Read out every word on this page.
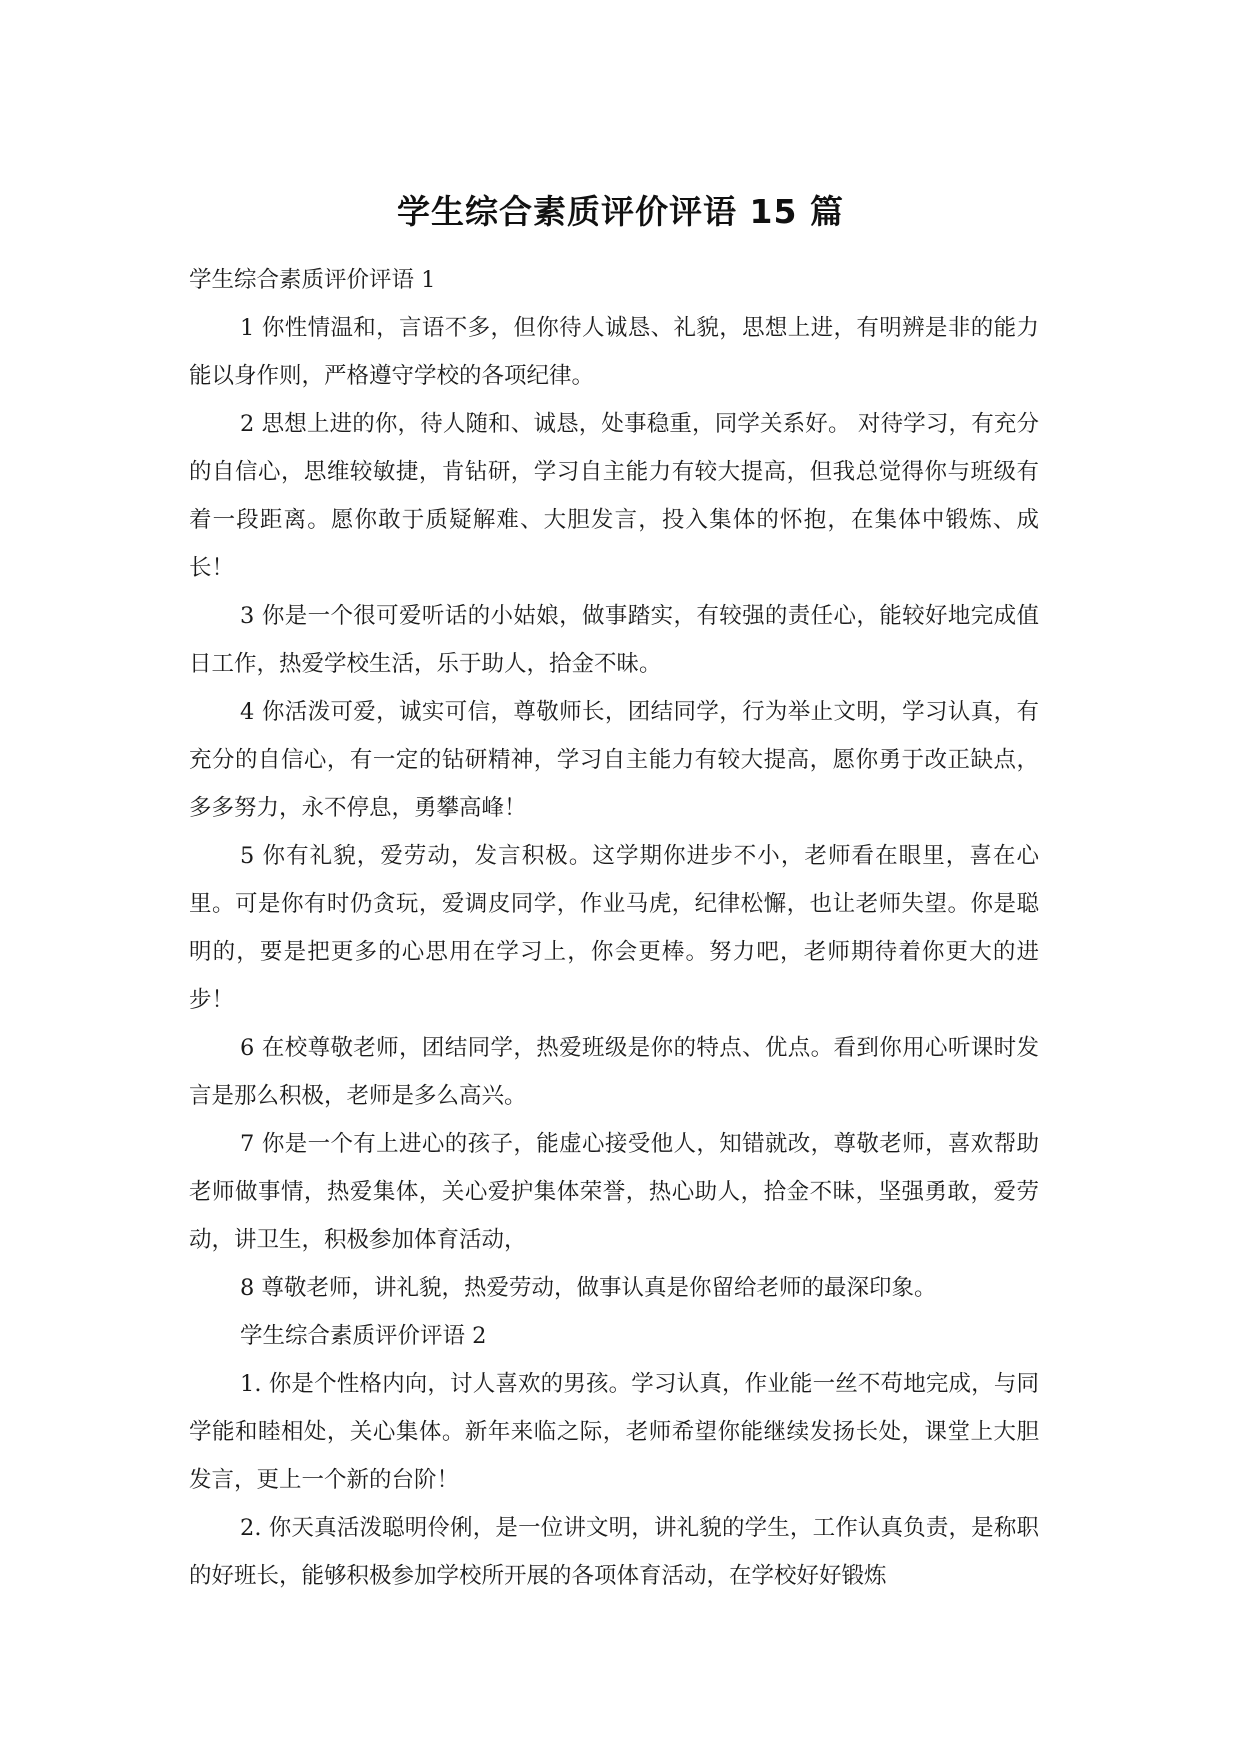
学生综合素质评价评语 15 篇

学生综合素质评价评语 1

1 你性情温和，言语不多，但你待人诚恳、礼貌，思想上进，有明辨是非的能力能以身作则，严格遵守学校的各项纪律。

2 思想上进的你，待人随和、诚恳，处事稳重，同学关系好。 对待学习，有充分的自信心，思维较敏捷，肯钻研，学习自主能力有较大提高，但我总觉得你与班级有着一段距离。愿你敢于质疑解难、大胆发言，投入集体的怀抱，在集体中锻炼、成长！

3 你是一个很可爱听话的小姑娘，做事踏实，有较强的责任心，能较好地完成值日工作，热爱学校生活，乐于助人，拾金不昧。

4 你活泼可爱，诚实可信，尊敬师长，团结同学，行为举止文明，学习认真，有充分的自信心，有一定的钻研精神，学习自主能力有较大提高，愿你勇于改正缺点，多多努力，永不停息，勇攀高峰！

5 你有礼貌，爱劳动，发言积极。这学期你进步不小，老师看在眼里，喜在心里。可是你有时仍贪玩，爱调皮同学，作业马虎，纪律松懈，也让老师失望。你是聪明的，要是把更多的心思用在学习上，你会更棒。努力吧，老师期待着你更大的进步！

6 在校尊敬老师，团结同学，热爱班级是你的特点、优点。看到你用心听课时发言是那么积极，老师是多么高兴。

7 你是一个有上进心的孩子，能虚心接受他人，知错就改，尊敬老师，喜欢帮助老师做事情，热爱集体，关心爱护集体荣誉，热心助人，拾金不昧，坚强勇敢，爱劳动，讲卫生，积极参加体育活动，

8 尊敬老师，讲礼貌，热爱劳动，做事认真是你留给老师的最深印象。

学生综合素质评价评语 2

1. 你是个性格内向，讨人喜欢的男孩。学习认真，作业能一丝不苟地完成，与同学能和睦相处，关心集体。新年来临之际，老师希望你能继续发扬长处，课堂上大胆发言，更上一个新的台阶！

2. 你天真活泼聪明伶俐，是一位讲文明，讲礼貌的学生，工作认真负责，是称职的好班长，能够积极参加学校所开展的各项体育活动，在学校好好锻炼
